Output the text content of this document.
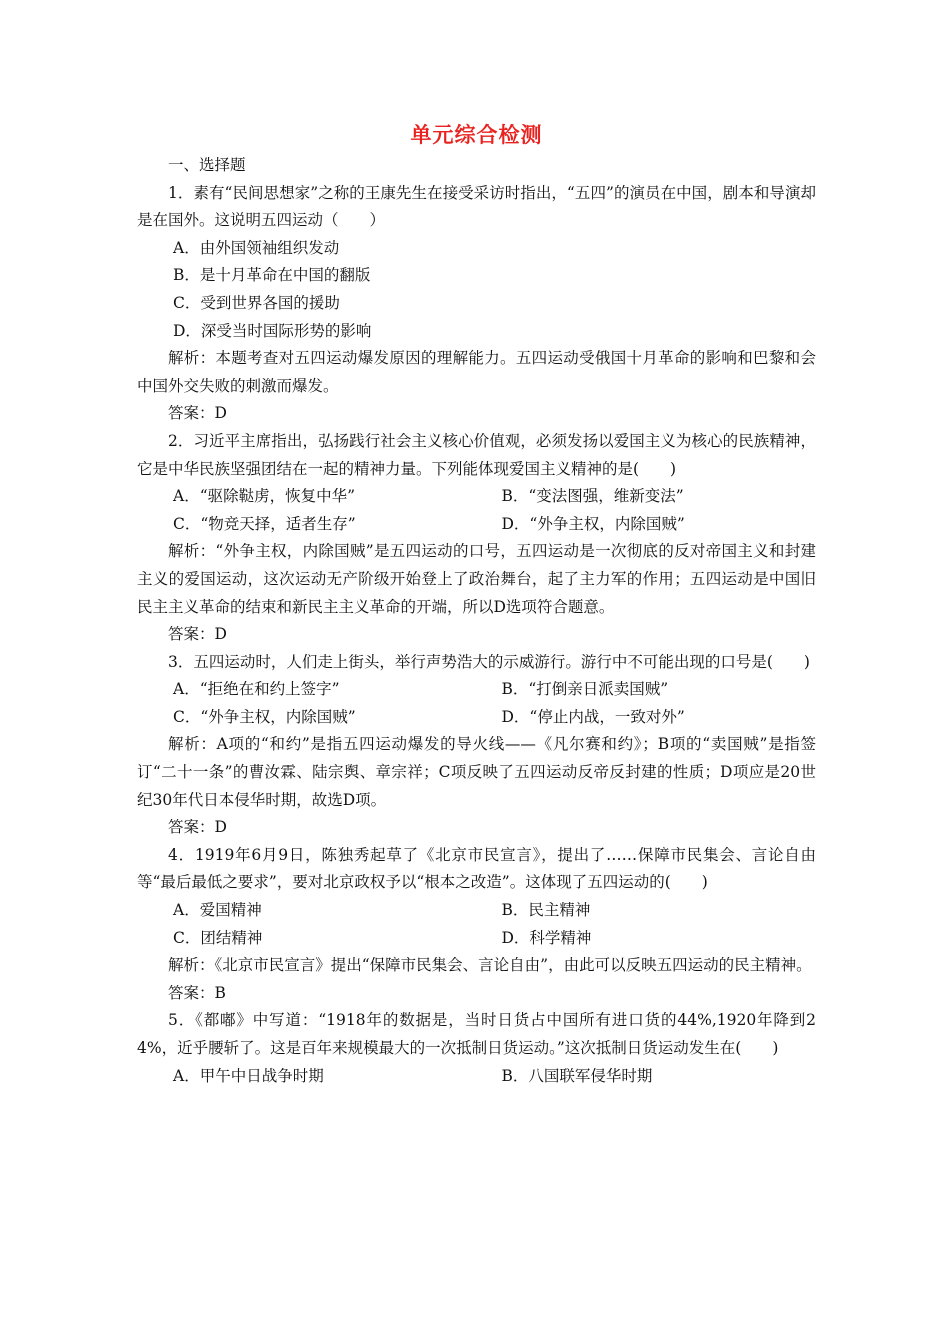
单元综合检测

一、选择题

1．素有“民间思想家”之称的王康先生在接受采访时指出，“五四”的演员在中国，剧本和导演却是在国外。这说明五四运动（　　）

A．由外国领袖组织发动

B．是十月革命在中国的翻版

C．受到世界各国的援助

D．深受当时国际形势的影响

解析：本题考查对五四运动爆发原因的理解能力。五四运动受俄国十月革命的影响和巴黎和会中国外交失败的刺激而爆发。

答案：D

2．习近平主席指出，弘扬践行社会主义核心价值观，必须发扬以爱国主义为核心的民族精神，它是中华民族坚强团结在一起的精神力量。下列能体现爱国主义精神的是(　　)

A．“驱除鞑虏，恢复中华”	B．“变法图强，维新变法”
C．“物竞天择，适者生存”	D．“外争主权，内除国贼”

解析：“外争主权，内除国贼”是五四运动的口号，五四运动是一次彻底的反对帝国主义和封建主义的爱国运动，这次运动无产阶级开始登上了政治舞台，起了主力军的作用；五四运动是中国旧民主主义革命的结束和新民主主义革命的开端，所以D选项符合题意。

答案：D

3．五四运动时，人们走上街头，举行声势浩大的示威游行。游行中不可能出现的口号是(　　)

A．“拒绝在和约上签字”	B．“打倒亲日派卖国贼”
C．“外争主权，内除国贼”	D．“停止内战，一致对外”

解析：A项的“和约”是指五四运动爆发的导火线——《凡尔赛和约》；B项的“卖国贼”是指签订“二十一条”的曹汝霖、陆宗舆、章宗祥；C项反映了五四运动反帝反封建的性质；D项应是20世纪30年代日本侵华时期，故选D项。

答案：D

4．1919年6月9日，陈独秀起草了《北京市民宣言》，提出了……保障市民集会、言论自由等“最后最低之要求”，要对北京政权予以“根本之改造”。这体现了五四运动的(　　)

A．爱国精神	B．民主精神
C．团结精神	D．科学精神

解析：《北京市民宣言》提出“保障市民集会、言论自由”，由此可以反映五四运动的民主精神。

答案：B

5．《都嘟》中写道：“1918年的数据是，当时日货占中国所有进口货的44%,1920年降到24%，近乎腰斩了。这是百年来规模最大的一次抵制日货运动。”这次抵制日货运动发生在(　　)

A．甲午中日战争时期	B．八国联军侵华时期
